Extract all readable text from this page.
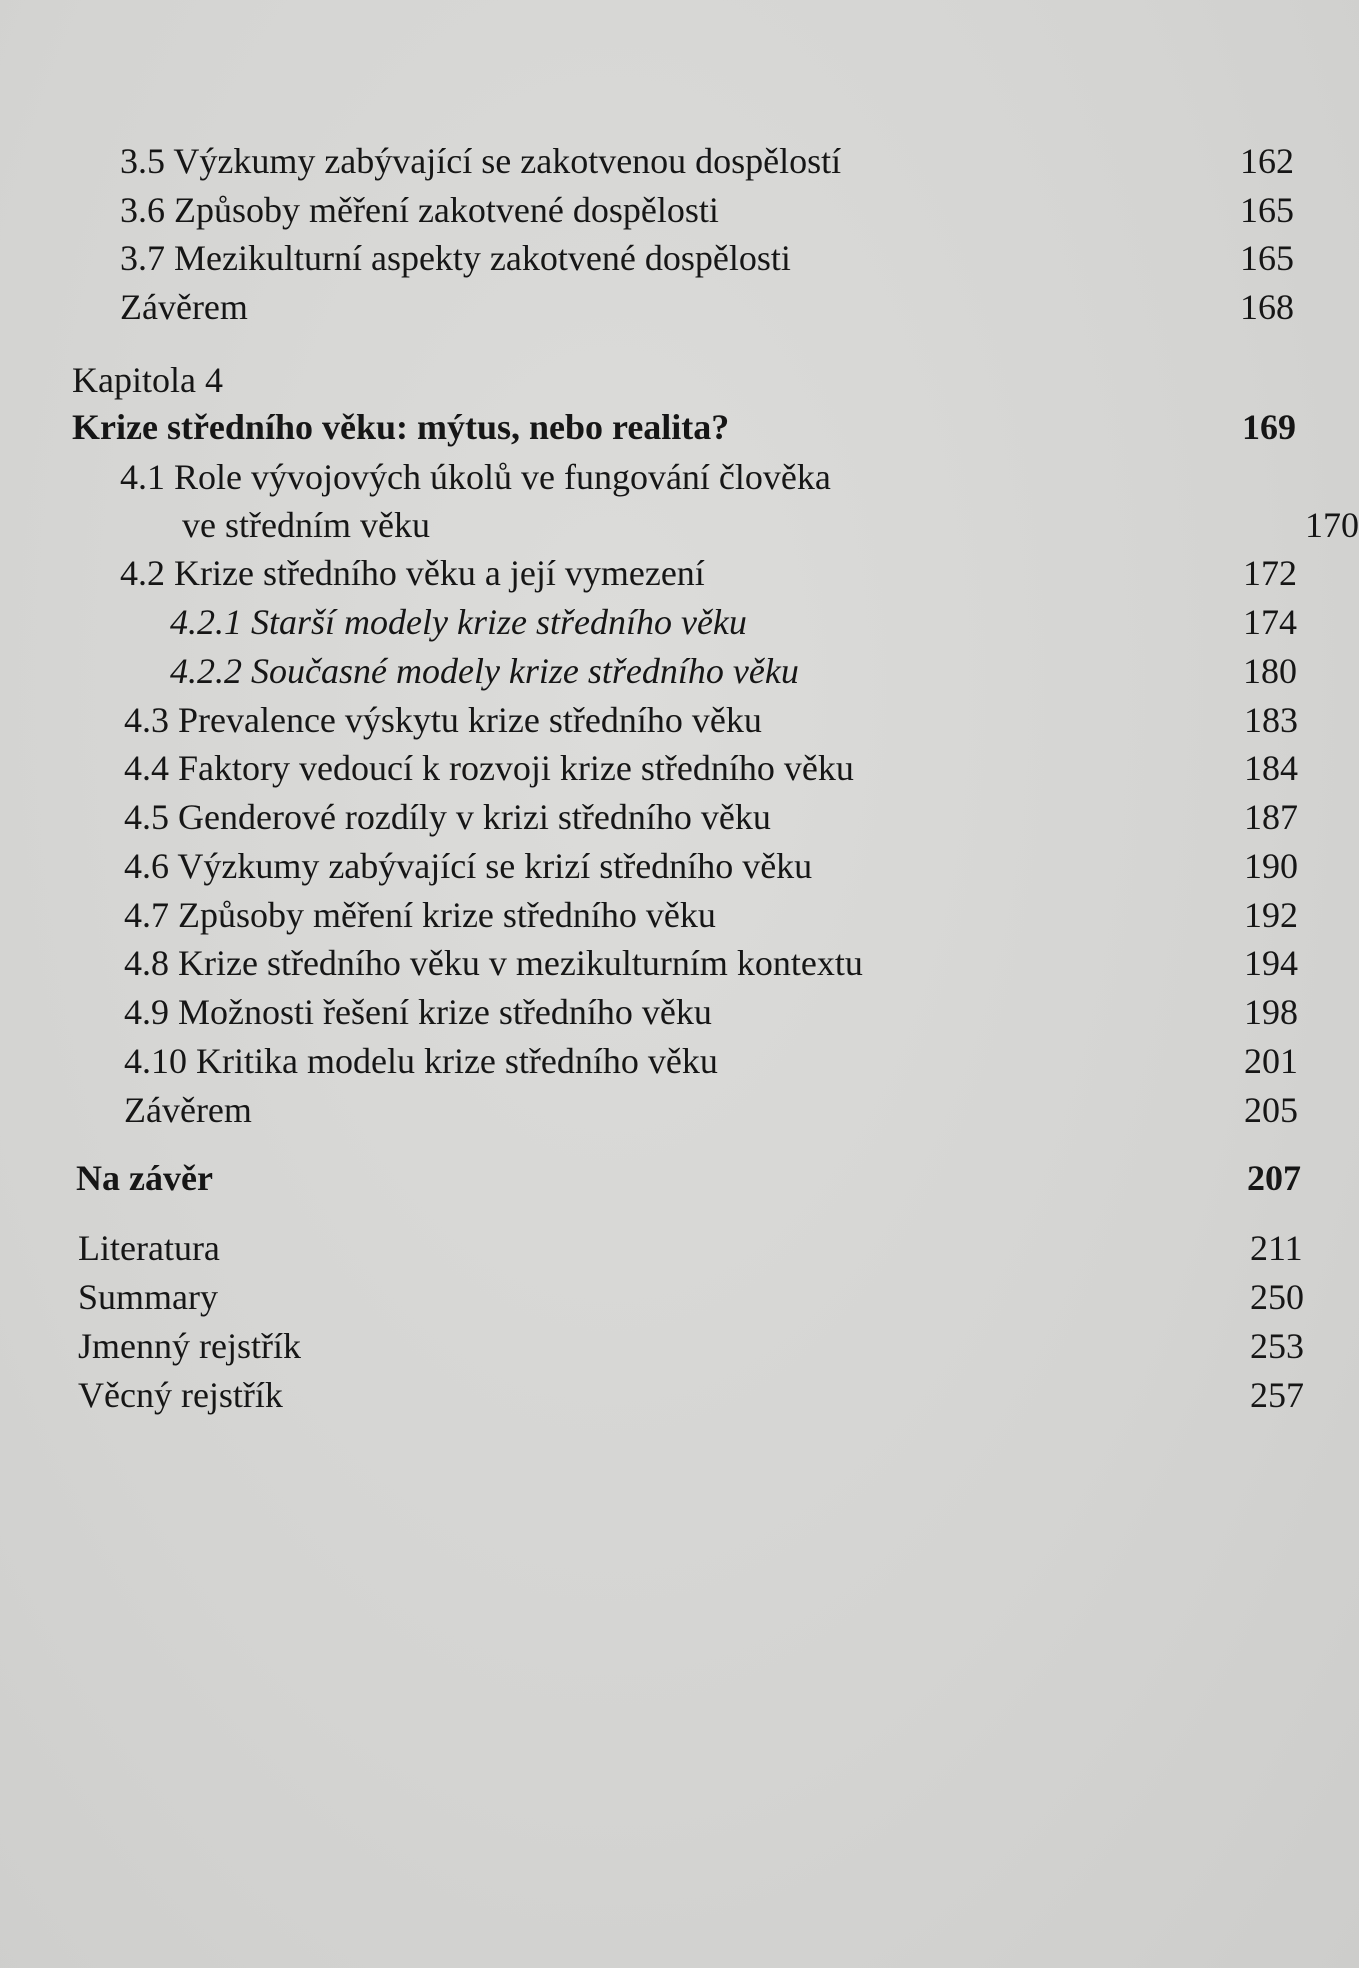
3.5 Výzkumy zabývající se zakotvenou dospělostí	162
3.6 Způsoby měření zakotvené dospělosti	165
3.7 Mezikulturní aspekty zakotvené dospělosti	165
Závěrem	168
Kapitola 4
Krize středního věku: mýtus, nebo realita?	169
4.1 Role vývojových úkolů ve fungování člověka
ve středním věku	170
4.2 Krize středního věku a její vymezení	172
4.2.1 Starší modely krize středního věku	174
4.2.2 Současné modely krize středního věku	180
4.3 Prevalence výskytu krize středního věku	183
4.4 Faktory vedoucí k rozvoji krize středního věku	184
4.5 Genderové rozdíly v krizi středního věku	187
4.6 Výzkumy zabývající se krizí středního věku	190
4.7 Způsoby měření krize středního věku	192
4.8 Krize středního věku v mezikulturním kontextu	194
4.9 Možnosti řešení krize středního věku	198
4.10 Kritika modelu krize středního věku	201
Závěrem	205
Na závěr	207
Literatura	211
Summary	250
Jmenný rejstřík	253
Věcný rejstřík	257
